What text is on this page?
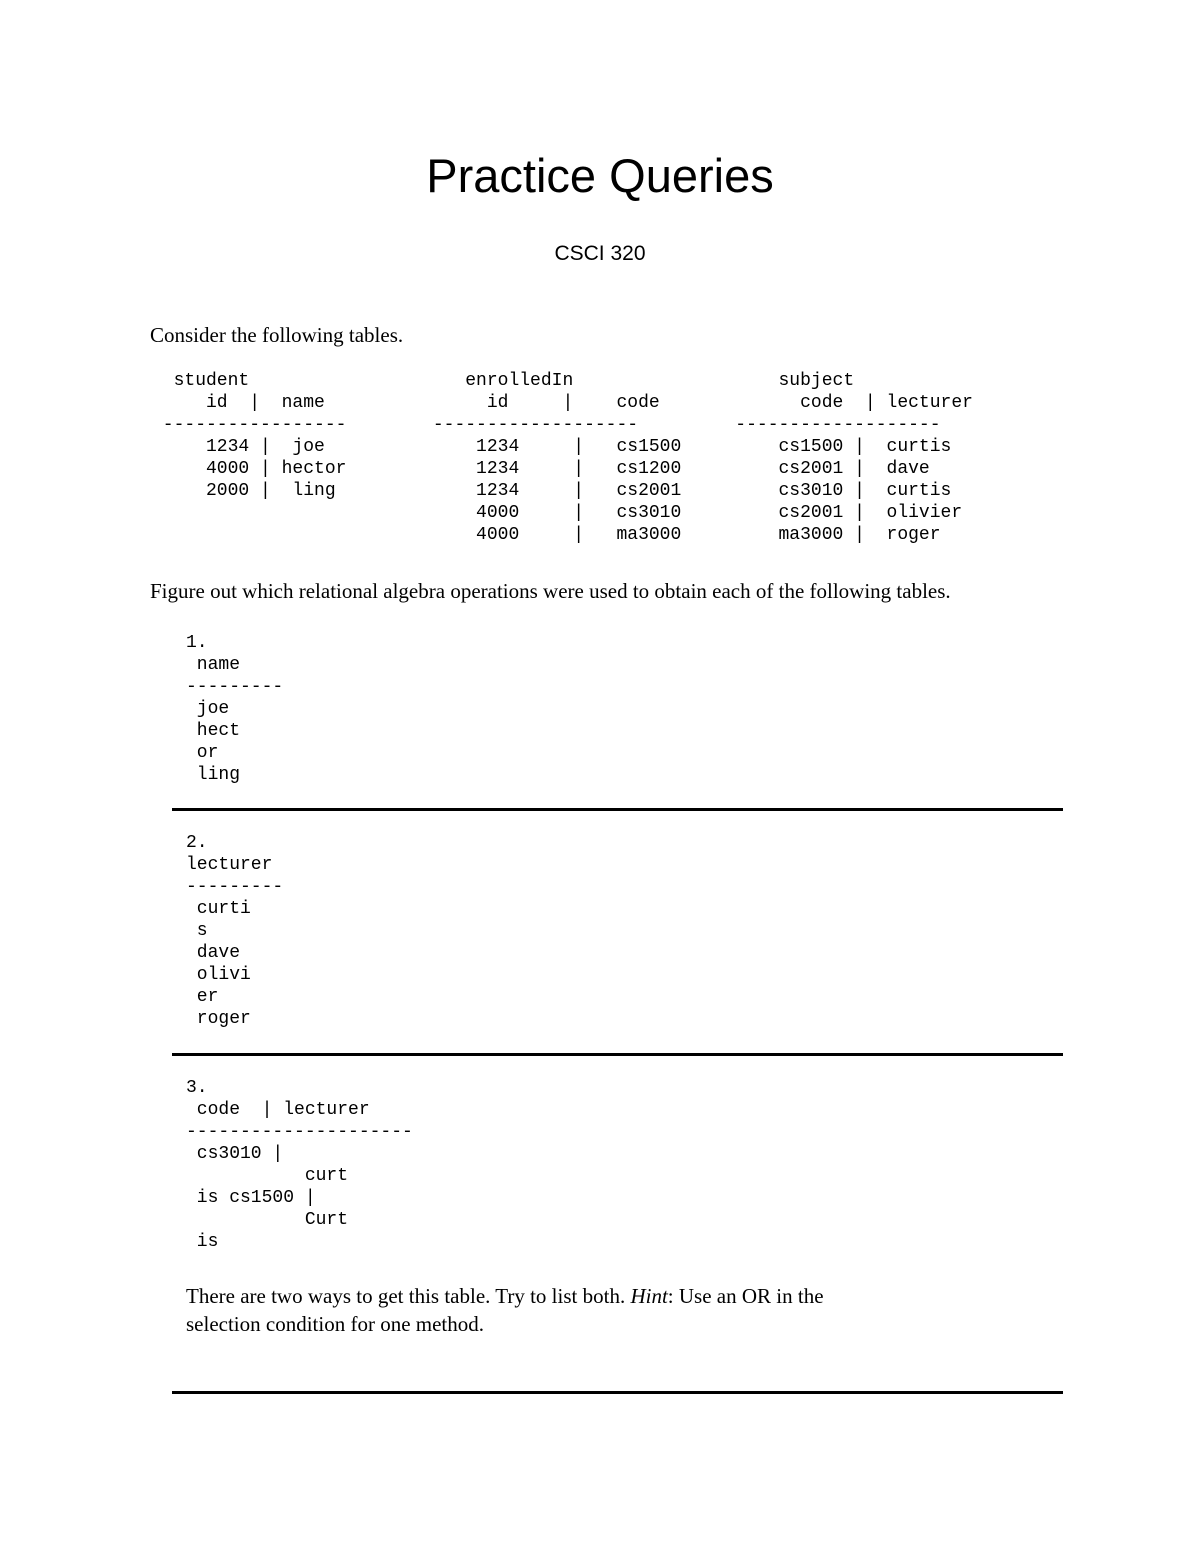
Practice Queries
CSCI 320
Consider the following tables.
student                    enrolledIn                   subject
id  |  name               id     |    code             code  | lecturer
-----------------        -------------------         -------------------
1234 |  joe              1234     |   cs1500         cs1500 |  curtis
4000 | hector            1234     |   cs1200         cs2001 |  dave
2000 |  ling             1234     |   cs2001         cs3010 |  curtis
4000     |   cs3010         cs2001 |  olivier
4000     |   ma3000         ma3000 |  roger
Figure out which relational algebra operations were used to obtain each of the following tables.
1.
name
---------
joe
hect
or
ling
2.
lecturer
---------
curti
s
dave
olivi
er
roger
3.
code  | lecturer
---------------------
cs3010 |
curt
is cs1500 |
Curt
is
There are two ways to get this table. Try to list both. Hint: Use an OR in the
selection condition for one method.
